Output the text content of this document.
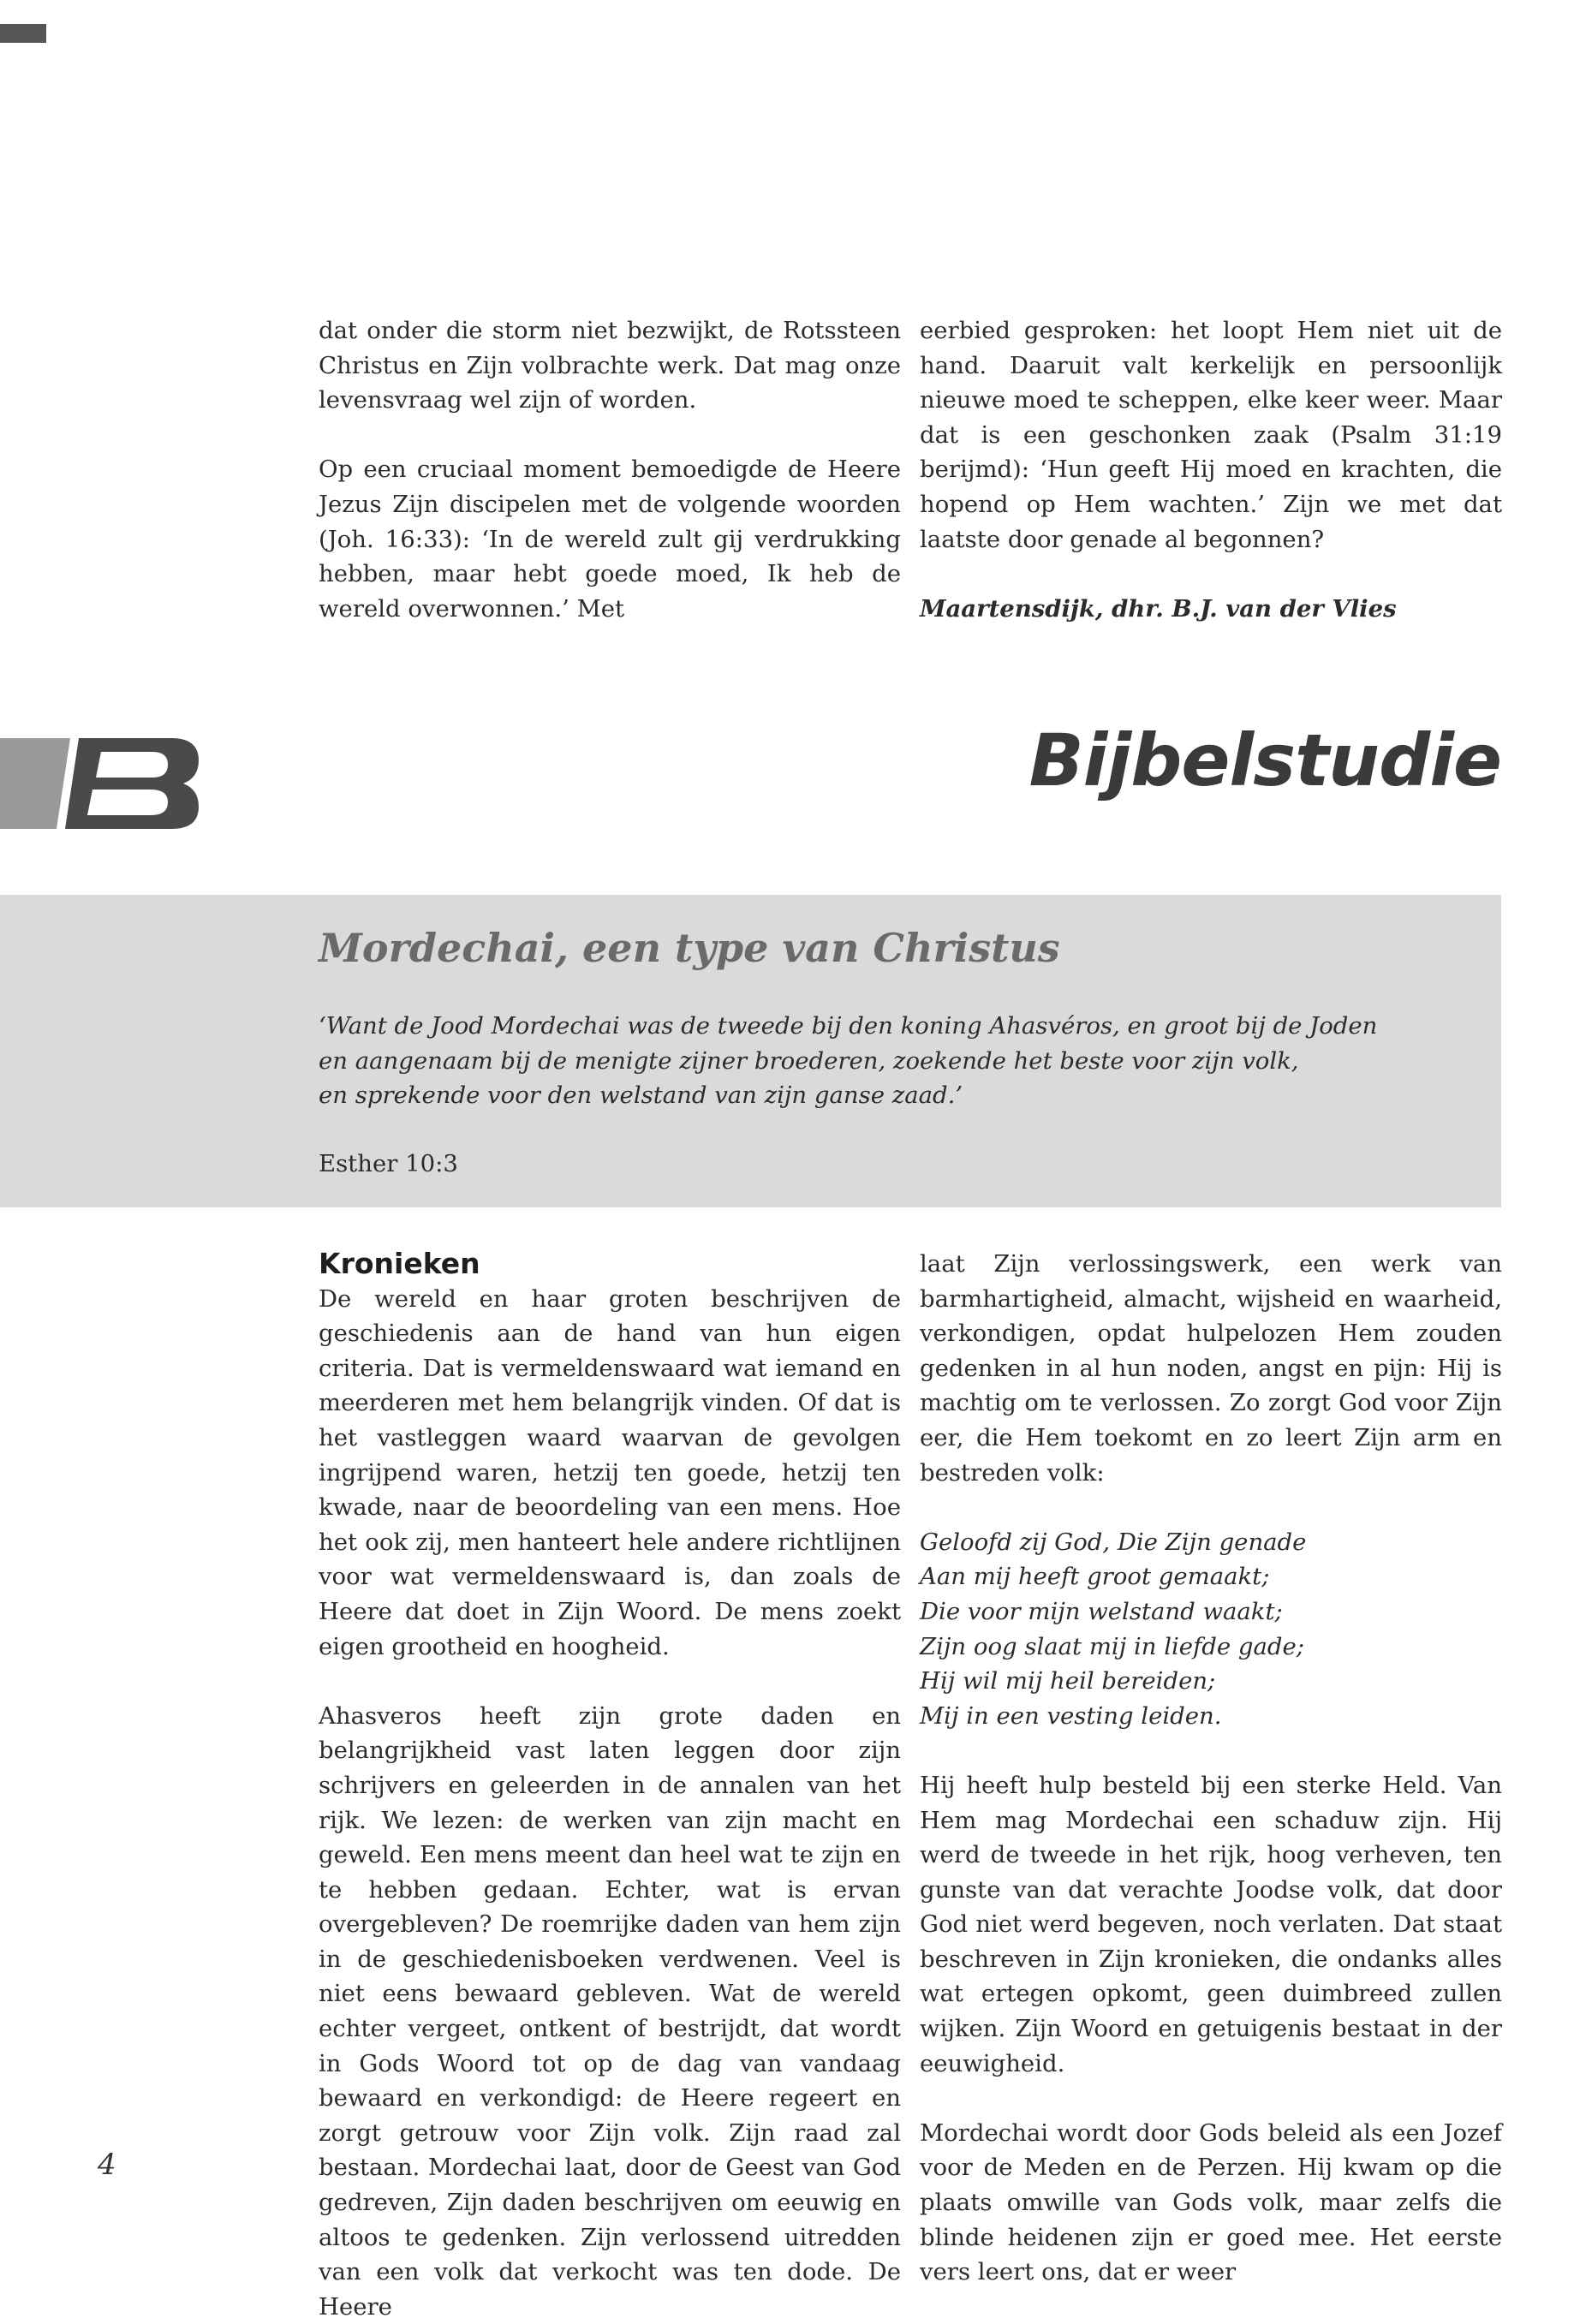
dat onder die storm niet bezwijkt, de Rotssteen Christus en Zijn volbrachte werk. Dat mag onze levensvraag wel zijn of worden.

Op een cruciaal moment bemoedigde de Heere Jezus Zijn discipelen met de volgende woorden (Joh. 16:33): ‘In de wereld zult gij verdrukking hebben, maar hebt goede moed, Ik heb de wereld overwonnen.’ Met

eerbied gesproken: het loopt Hem niet uit de hand. Daaruit valt kerkelijk en persoonlijk nieuwe moed te scheppen, elke keer weer. Maar dat is een geschonken zaak (Psalm 31:19 berijmd): ‘Hun geeft Hij moed en krachten, die hopend op Hem wachten.’ Zijn we met dat laatste door genade al begonnen?

Maartensdijk, dhr. B.J. van der Vlies

Bijbelstudie
Mordechai, een type van Christus
‘Want de Jood Mordechai was de tweede bij den koning Ahasvéros, en groot bij de Joden
en aangenaam bij de menigte zijner broederen, zoekende het beste voor zijn volk,
en sprekende voor den welstand van zijn ganse zaad.’
Esther 10:3
Kronieken

De wereld en haar groten beschrijven de geschiedenis aan de hand van hun eigen criteria. Dat is vermeldenswaard wat iemand en meerderen met hem belangrijk vinden. Of dat is het vastleggen waard waarvan de gevolgen ingrijpend waren, hetzij ten goede, hetzij ten kwade, naar de beoordeling van een mens. Hoe het ook zij, men hanteert hele andere richtlijnen voor wat vermeldenswaard is, dan zoals de Heere dat doet in Zijn Woord. De mens zoekt eigen grootheid en hoogheid.

Ahasveros heeft zijn grote daden en belangrijkheid vast laten leggen door zijn schrijvers en geleerden in de annalen van het rijk. We lezen: de werken van zijn macht en geweld. Een mens meent dan heel wat te zijn en te hebben gedaan. Echter, wat is ervan overgebleven? De roemrijke daden van hem zijn in de geschiedenisboeken verdwenen. Veel is niet eens bewaard gebleven. Wat de wereld echter vergeet, ontkent of bestrijdt, dat wordt in Gods Woord tot op de dag van vandaag bewaard en verkondigd: de Heere regeert en zorgt getrouw voor Zijn volk. Zijn raad zal bestaan. Mordechai laat, door de Geest van God gedreven, Zijn daden beschrijven om eeuwig en altoos te gedenken. Zijn verlossend uitredden van een volk dat verkocht was ten dode. De Heere

laat Zijn verlossingswerk, een werk van barmhartigheid, almacht, wijsheid en waarheid, verkondigen, opdat hulpelozen Hem zouden gedenken in al hun noden, angst en pijn: Hij is machtig om te verlossen. Zo zorgt God voor Zijn eer, die Hem toekomt en zo leert Zijn arm en bestreden volk:

Geloofd zij God, Die Zijn genade
Aan mij heeft groot gemaakt;
Die voor mijn welstand waakt;
Zijn oog slaat mij in liefde gade;
Hij wil mij heil bereiden;
Mij in een vesting leiden.

Hij heeft hulp besteld bij een sterke Held. Van Hem mag Mordechai een schaduw zijn. Hij werd de tweede in het rijk, hoog verheven, ten gunste van dat verachte Joodse volk, dat door God niet werd begeven, noch verlaten. Dat staat beschreven in Zijn kronieken, die ondanks alles wat ertegen opkomt, geen duimbreed zullen wijken. Zijn Woord en getuigenis bestaat in der eeuwigheid.

Mordechai wordt door Gods beleid als een Jozef voor de Meden en de Perzen. Hij kwam op die plaats omwille van Gods volk, maar zelfs die blinde heidenen zijn er goed mee. Het eerste vers leert ons, dat er weer

4
